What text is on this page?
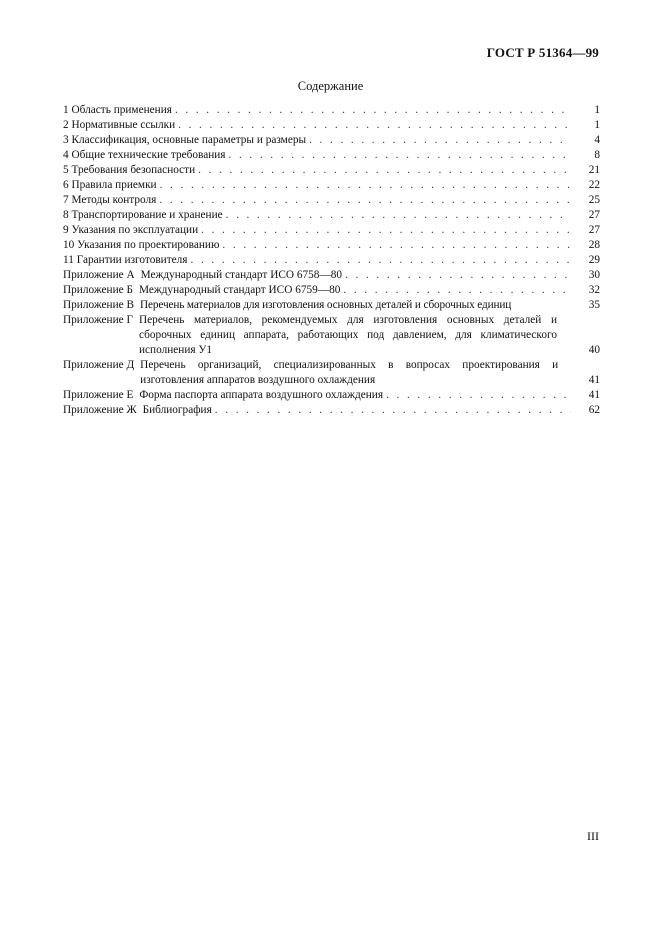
ГОСТ Р 51364—99
Содержание
1 Область применения . . .	1
2 Нормативные ссылки . . .	1
3 Классификация, основные параметры и размеры . . .	4
4 Общие технические требования . . .	8
5 Требования безопасности . . .	21
6 Правила приемки . . .	22
7 Методы контроля . . .	25
8 Транспортирование и хранение . . .	27
9 Указания по эксплуатации . . .	27
10 Указания по проектированию . . .	28
11 Гарантии изготовителя . . .	29
Приложение А Международный стандарт ИСО 6758—80 . . .	30
Приложение Б Международный стандарт ИСО 6759—80 . . .	32
Приложение В Перечень материалов для изготовления основных деталей и сборочных единиц	35
Приложение Г Перечень материалов, рекомендуемых для изготовления основных деталей и сборочных единиц аппарата, работающих под давлением, для климатического исполнения У1	40
Приложение Д Перечень организаций, специализированных в вопросах проектирования и изготовления аппаратов воздушного охлаждения	41
Приложение Е Форма паспорта аппарата воздушного охлаждения . . .	41
Приложение Ж Библиография . . .	62
III
